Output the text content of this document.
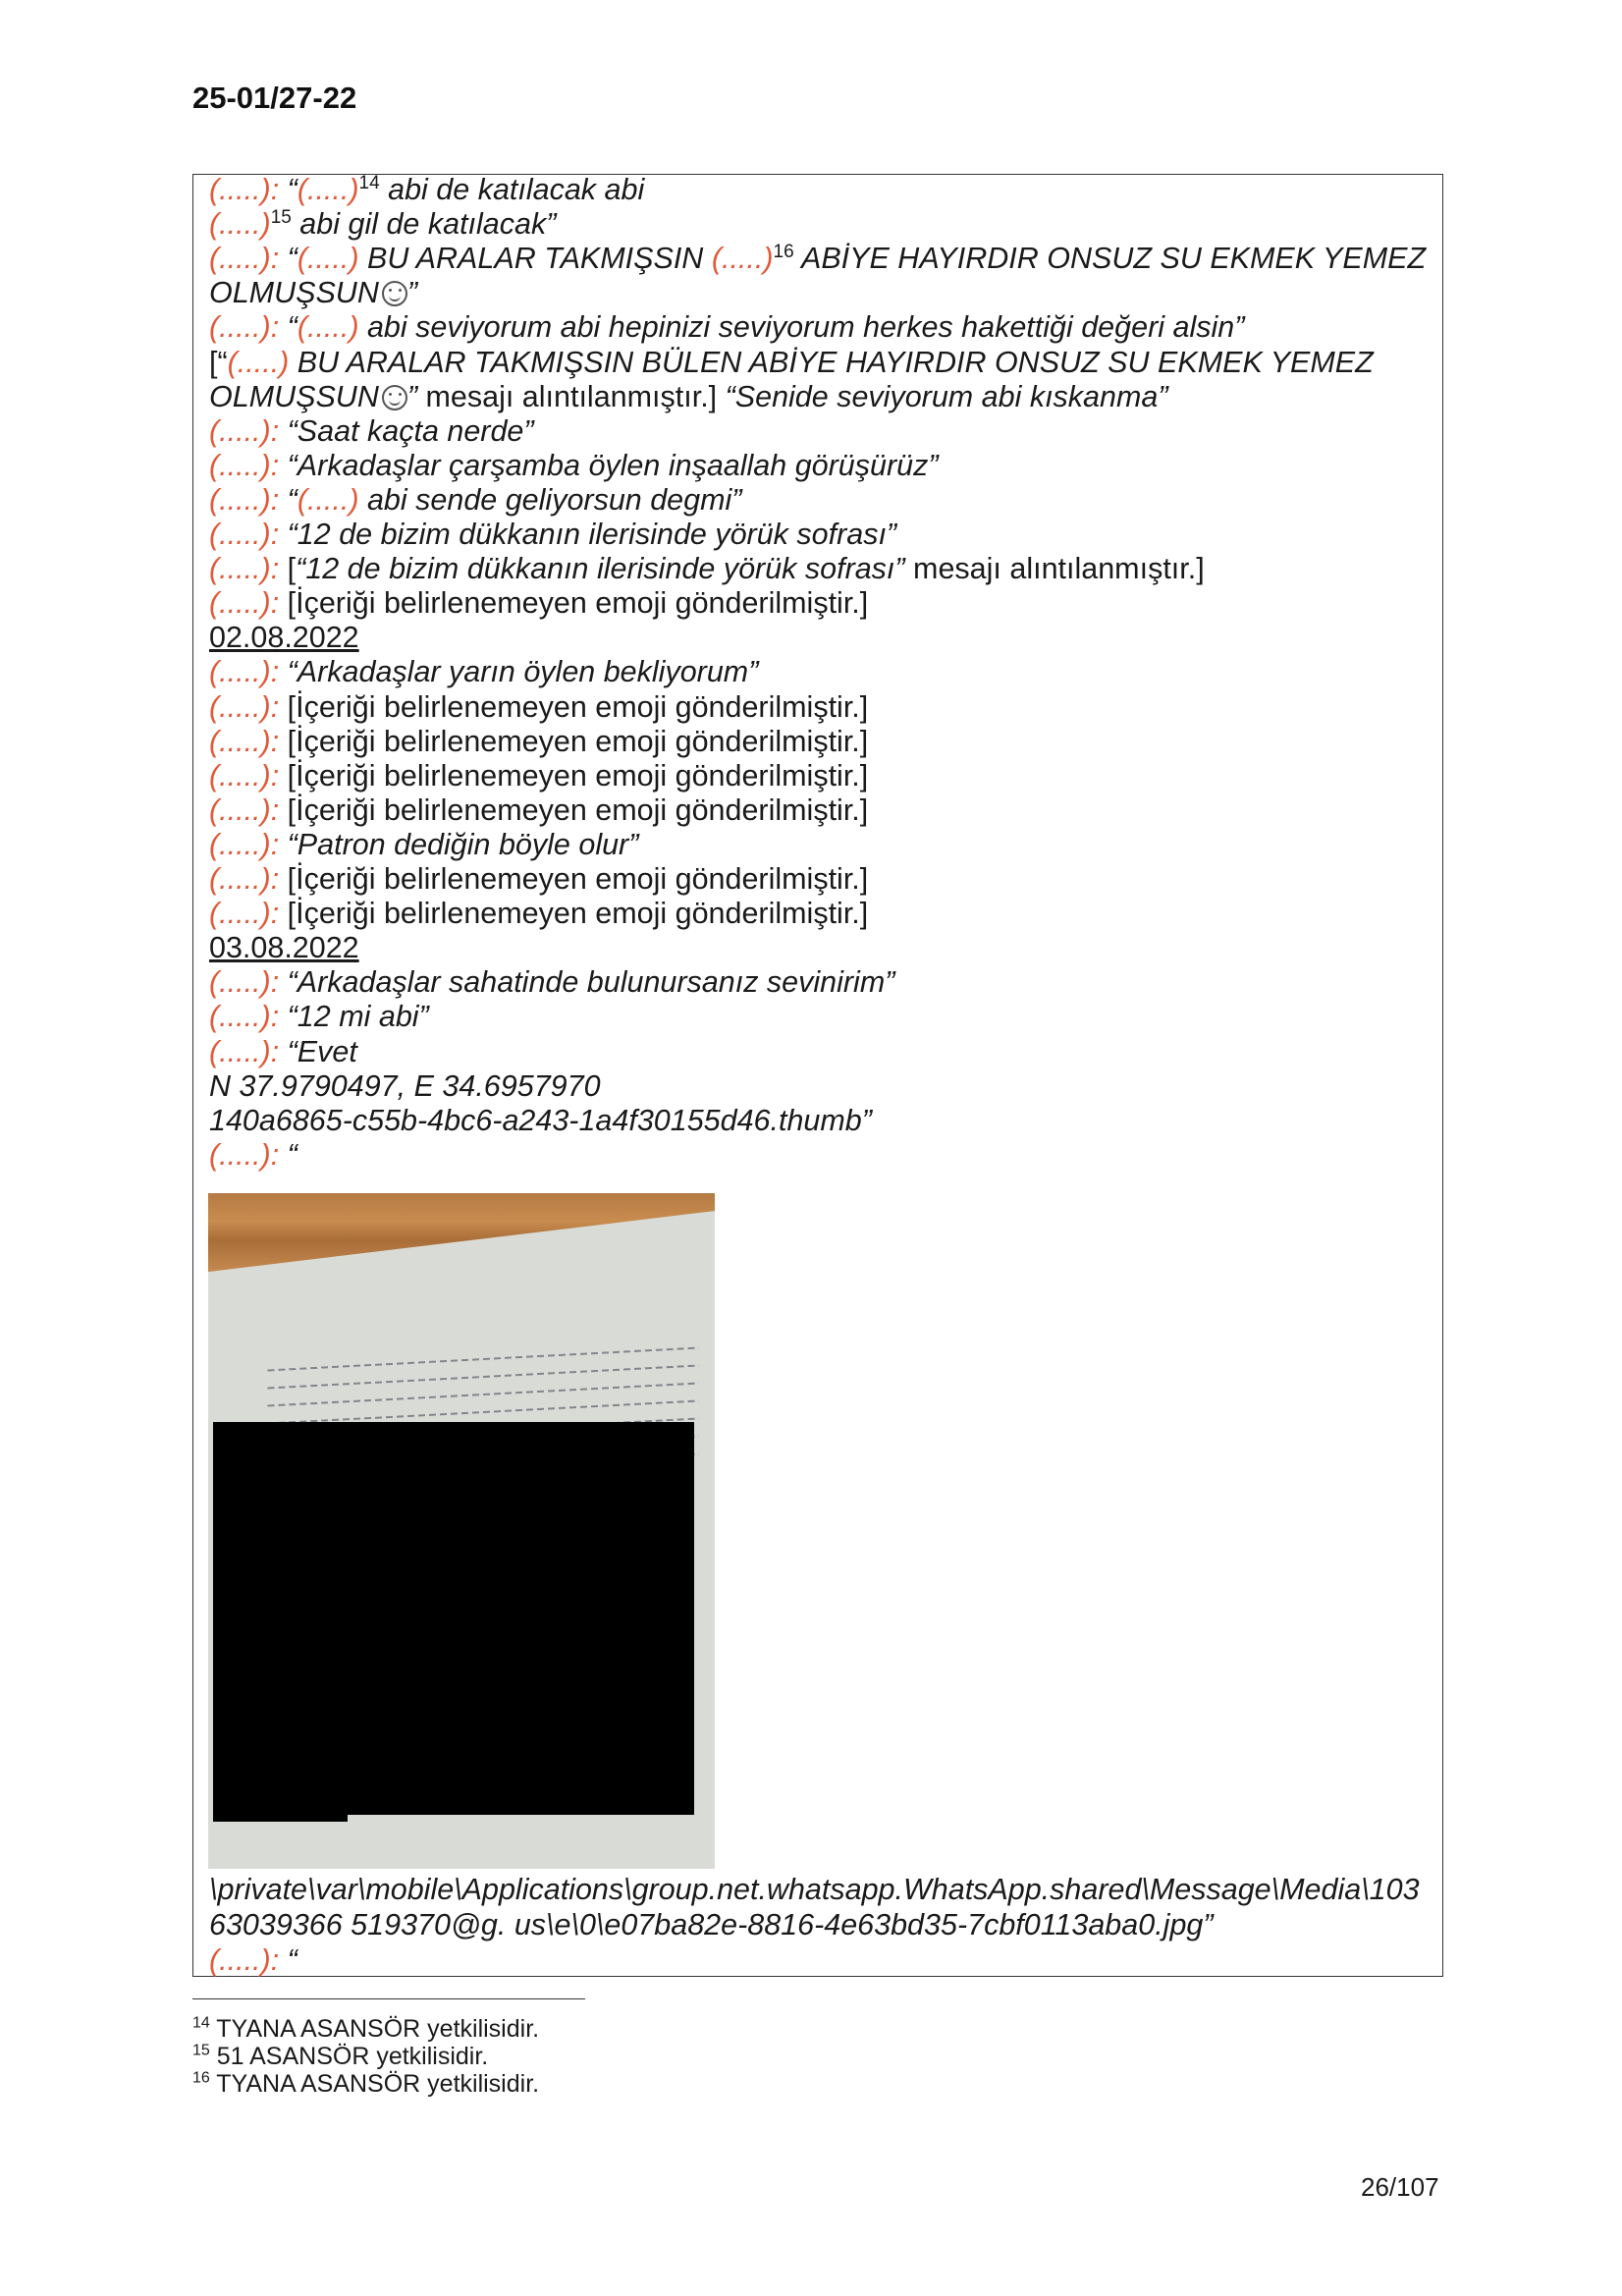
25-01/27-22
(.....): “(.....)$^{14}$ abi de katılacak abi
(.....)$^{15}$ abi gil de katılacak”
(.....): “(.....) BU ARALAR TAKMIŞSIN (.....)$^{16}$ ABİYE HAYIRDIR ONSUZ SU EKMEK YEMEZ
OLMUŞSUN ”
(.....): “(.....) abi seviyorum abi hepinizi seviyorum herkes hakettiği değeri alsin”
[“(.....) BU ARALAR TAKMIŞSIN BÜLEN ABİYE HAYIRDIR ONSUZ SU EKMEK YEMEZ
OLMUŞSUN ” mesajı alıntılanmıştır.] “Senide seviyorum abi kıskanma”
(.....): “Saat kaçta nerde”
(.....): “Arkadaşlar çarşamba öylen inşaallah görüşürüz”
(.....): “(.....) abi sende geliyorsun degmi”
(.....): “12 de bizim dükkanın ilerisinde yörük sofrası”
(.....): [“12 de bizim dükkanın ilerisinde yörük sofrası” mesajı alıntılanmıştır.]
(.....): [İçeriği belirlenemeyen emoji gönderilmiştir.]
02.08.2022
(.....): “Arkadaşlar yarın öylen bekliyorum”
(.....): [İçeriği belirlenemeyen emoji gönderilmiştir.]
(.....): [İçeriği belirlenemeyen emoji gönderilmiştir.]
(.....): [İçeriği belirlenemeyen emoji gönderilmiştir.]
(.....): [İçeriği belirlenemeyen emoji gönderilmiştir.]
(.....): “Patron dediğin böyle olur”
(.....): [İçeriği belirlenemeyen emoji gönderilmiştir.]
(.....): [İçeriği belirlenemeyen emoji gönderilmiştir.]
03.08.2022
(.....): “Arkadaşlar sahatinde bulunursanız sevinirim”
(.....): “12 mi abi”
(.....): “Evet
N 37.9790497, E 34.6957970
140a6865-c55b-4bc6-a243-1a4f30155d46.thumb”
(.....): “
\private\var\mobile\Applications\group.net.whatsapp.WhatsApp.shared\Message\Media\103
63039366 519370@g. us\e\0\e07ba82e-8816-4e63bd35-7cbf0113aba0.jpg”
(.....): “
$^{14}$ TYANA ASANSÖR yetkilisidir.
$^{15}$ 51 ASANSÖR yetkilisidir.
$^{16}$ TYANA ASANSÖR yetkilisidir.
26/107
